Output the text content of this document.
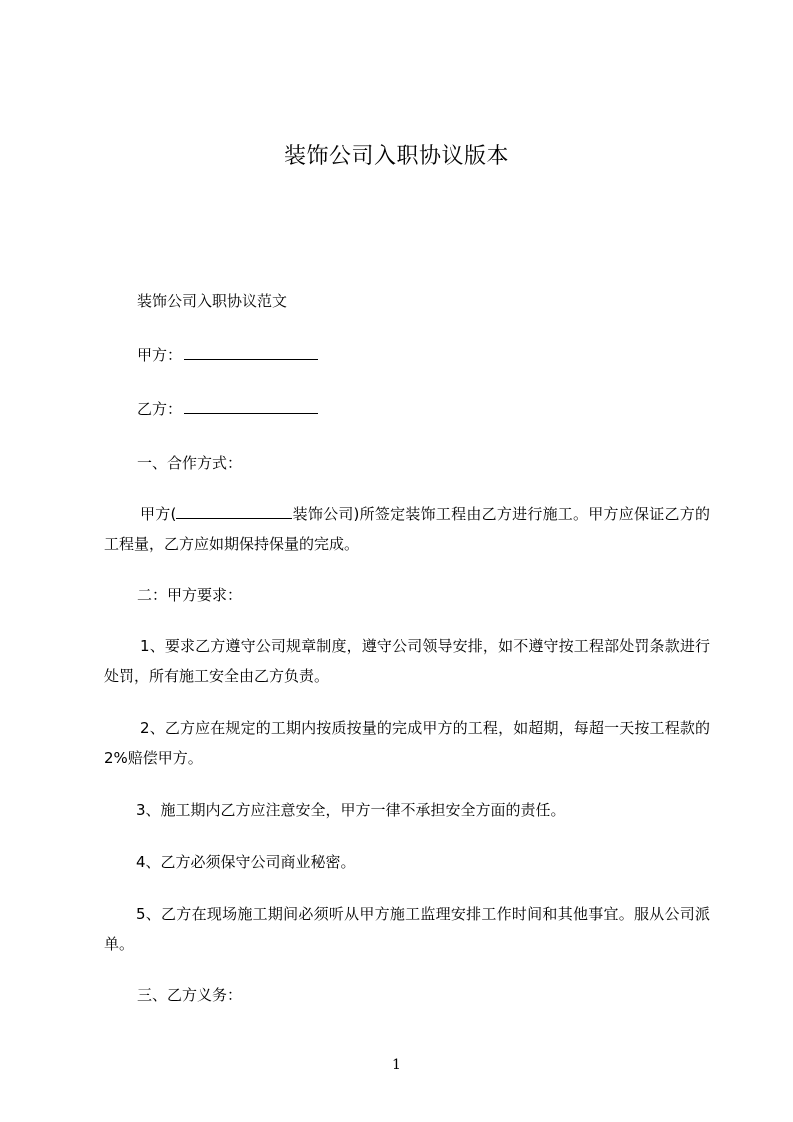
装饰公司入职协议版本
装饰公司入职协议范文
甲方：
乙方：
一、合作方式：
甲方(	装饰公司)所签定装饰工程由乙方进行施工。甲方应保证乙方的工程量，乙方应如期保持保量的完成。
二：甲方要求：
1、要求乙方遵守公司规章制度，遵守公司领导安排，如不遵守按工程部处罚条款进行处罚，所有施工安全由乙方负责。
2、乙方应在规定的工期内按质按量的完成甲方的工程，如超期，每超一天按工程款的 2%赔偿甲方。
3、施工期内乙方应注意安全，甲方一律不承担安全方面的责任。
4、乙方必须保守公司商业秘密。
5、乙方在现场施工期间必须听从甲方施工监理安排工作时间和其他事宜。服从公司派单。
三、乙方义务：
1
